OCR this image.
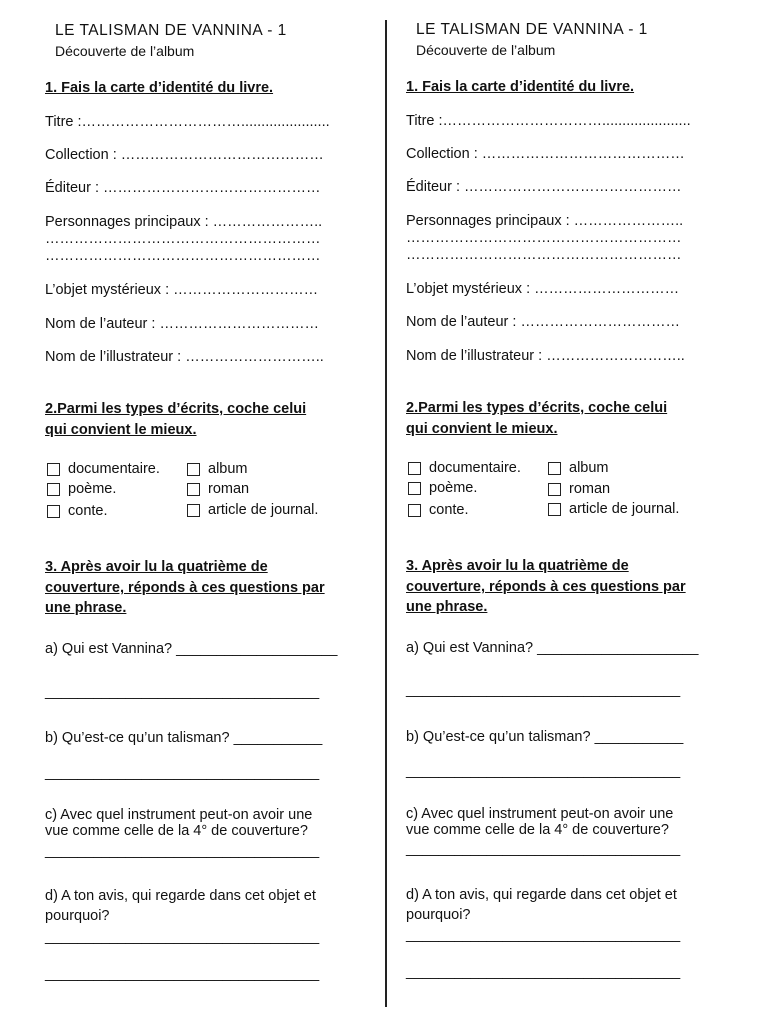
LE TALISMAN DE VANNINA - 1
Découverte de l’album
1. Fais la carte d’identité du livre.
Titre :……………………………......................
Collection : ……………………………………
Éditeur : ………………………………………
Personnages principaux : …………………..
…………………………………………………
…………………………………………………
L’objet mystérieux : …………………………
Nom de l’auteur : ……………………………
Nom de l’illustrateur : ………………………..
2.Parmi les types d’écrits, coche celui
qui convient le mieux.
documentaire.
poème.
conte.
album
roman
article de journal.
3. Après avoir lu la quatrième de
couverture, réponds à ces questions par
une phrase.
a) Qui est Vannina? ____________________
__________________________________
b) Qu’est-ce qu’un talisman? ___________
__________________________________
c) Avec quel instrument peut-on avoir une
vue comme celle de la 4° de couverture?
__________________________________
d) A ton avis, qui regarde dans cet objet et
pourquoi?
__________________________________
__________________________________
LE TALISMAN DE VANNINA - 1
Découverte de l’album
1. Fais la carte d’identité du livre.
Titre :……………………………......................
Collection : ……………………………………
Éditeur : ………………………………………
Personnages principaux : …………………..
…………………………………………………
…………………………………………………
L’objet mystérieux : …………………………
Nom de l’auteur : ……………………………
Nom de l’illustrateur : ………………………..
2.Parmi les types d’écrits, coche celui
qui convient le mieux.
documentaire.
poème.
conte.
album
roman
article de journal.
3. Après avoir lu la quatrième de
couverture, réponds à ces questions par
une phrase.
a) Qui est Vannina? ____________________
__________________________________
b) Qu’est-ce qu’un talisman? ___________
__________________________________
c) Avec quel instrument peut-on avoir une
vue comme celle de la 4° de couverture?
__________________________________
d) A ton avis, qui regarde dans cet objet et
pourquoi?
__________________________________
__________________________________
